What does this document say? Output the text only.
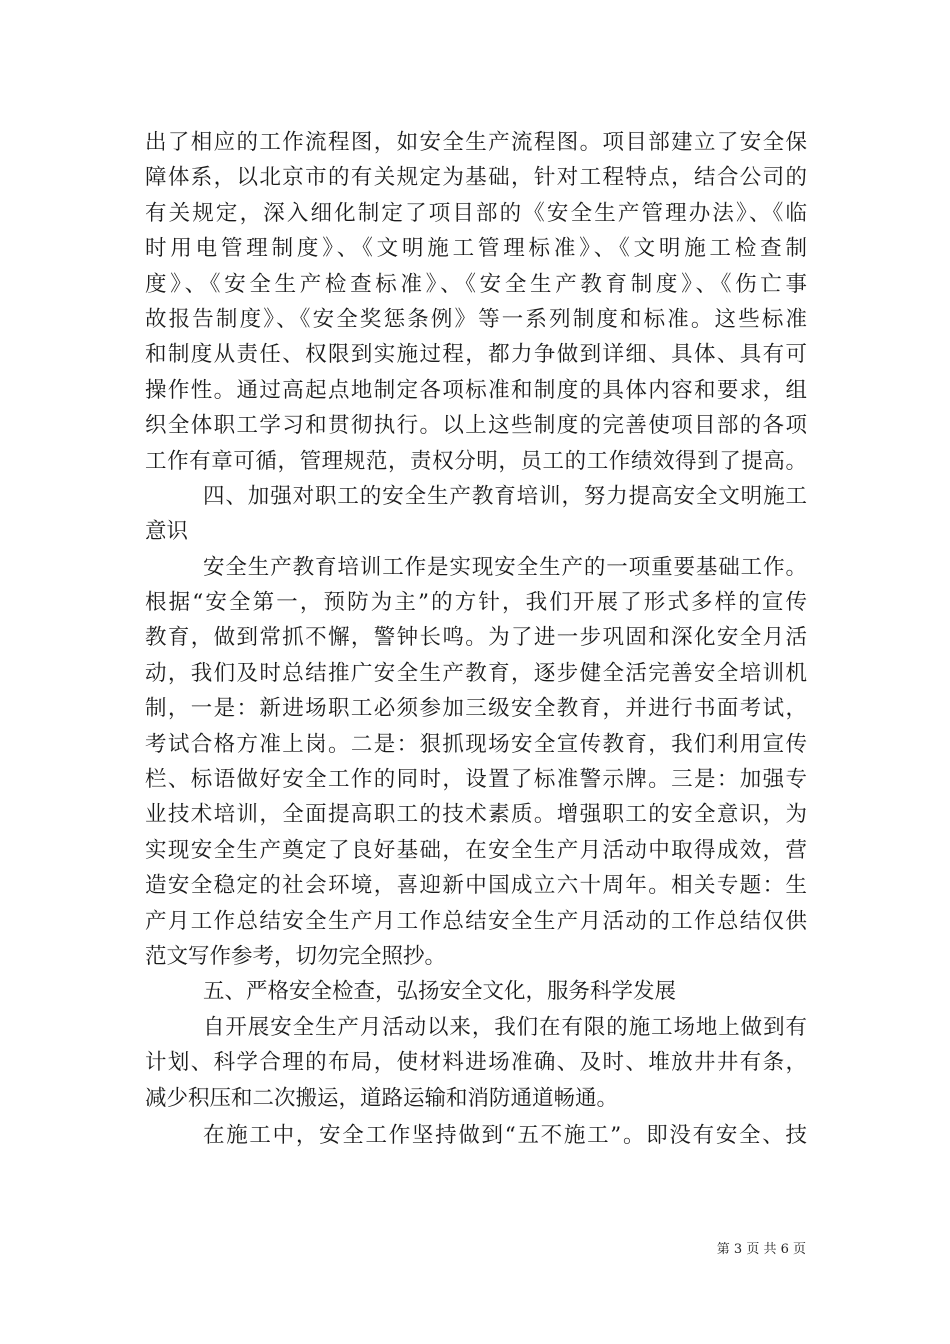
出了相应的工作流程图，如安全生产流程图。项目部建立了安全保
障体系，以北京市的有关规定为基础，针对工程特点，结合公司的
有关规定，深入细化制定了项目部的《安全生产管理办法》、《临
时用电管理制度》、《文明施工管理标准》、《文明施工检查制
度》、《安全生产检查标准》、《安全生产教育制度》、《伤亡事
故报告制度》、《安全奖惩条例》等一系列制度和标准。这些标准
和制度从责任、权限到实施过程，都力争做到详细、具体、具有可
操作性。通过高起点地制定各项标准和制度的具体内容和要求，组
织全体职工学习和贯彻执行。以上这些制度的完善使项目部的各项
工作有章可循，管理规范，责权分明，员工的工作绩效得到了提高。
四、加强对职工的安全生产教育培训，努力提高安全文明施工
意识
安全生产教育培训工作是实现安全生产的一项重要基础工作。
根据“安全第一，预防为主”的方针，我们开展了形式多样的宣传
教育，做到常抓不懈，警钟长鸣。为了进一步巩固和深化安全月活
动，我们及时总结推广安全生产教育，逐步健全活完善安全培训机
制，一是：新进场职工必须参加三级安全教育，并进行书面考试，
考试合格方准上岗。二是：狠抓现场安全宣传教育，我们利用宣传
栏、标语做好安全工作的同时，设置了标准警示牌。三是：加强专
业技术培训，全面提高职工的技术素质。增强职工的安全意识，为
实现安全生产奠定了良好基础，在安全生产月活动中取得成效，营
造安全稳定的社会环境，喜迎新中国成立六十周年。相关专题：生
产月工作总结安全生产月工作总结安全生产月活动的工作总结仅供
范文写作参考，切勿完全照抄。
五、严格安全检查，弘扬安全文化，服务科学发展
自开展安全生产月活动以来，我们在有限的施工场地上做到有
计划、科学合理的布局，使材料进场准确、及时、堆放井井有条，
减少积压和二次搬运，道路运输和消防通道畅通。
在施工中，安全工作坚持做到“五不施工”。即没有安全、技
第 3 页 共 6 页
